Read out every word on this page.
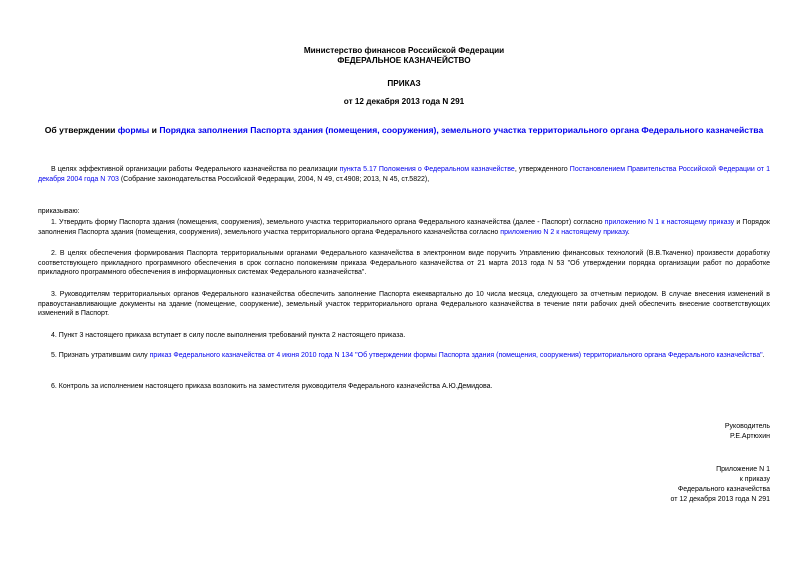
Министерство финансов Российской Федерации
ФЕДЕРАЛЬНОЕ КАЗНАЧЕЙСТВО
ПРИКАЗ
от 12 декабря 2013 года N 291
Об утверждении формы и Порядка заполнения Паспорта здания (помещения, сооружения), земельного участка территориального органа Федерального казначейства

В целях эффективной организации работы Федерального казначейства по реализации пункта 5.17 Положения о Федеральном казначействе, утвержденного Постановлением Правительства Российской Федерации от 1 декабря 2004 года N 703 (Собрание законодательства Российской Федерации, 2004, N 49, ст.4908; 2013, N 45, ст.5822),

приказываю:

1. Утвердить форму Паспорта здания (помещения, сооружения), земельного участка территориального органа Федерального казначейства (далее - Паспорт) согласно приложению N 1 к настоящему приказу и Порядок заполнения Паспорта здания (помещения, сооружения), земельного участка территориального органа Федерального казначейства согласно приложению N 2 к настоящему приказу.

2. В целях обеспечения формирования Паспорта территориальными органами Федерального казначейства в электронном виде поручить Управлению финансовых технологий (В.В.Ткаченко) произвести доработку соответствующего прикладного программного обеспечения в срок согласно положениям приказа Федерального казначейства от 21 марта 2013 года N 53 "Об утверждении порядка организации работ по доработке прикладного программного обеспечения в информационных системах Федерального казначейства".

3. Руководителям территориальных органов Федерального казначейства обеспечить заполнение Паспорта ежеквартально до 10 числа месяца, следующего за отчетным периодом. В случае внесения изменений в правоустанавливающие документы на здание (помещение, сооружение), земельный участок территориального органа Федерального казначейства в течение пяти рабочих дней обеспечить внесение соответствующих изменений в Паспорт.

4. Пункт 3 настоящего приказа вступает в силу после выполнения требований пункта 2 настоящего приказа.

5. Признать утратившим силу приказ Федерального казначейства от 4 июня 2010 года N 134 "Об утверждении формы Паспорта здания (помещения, сооружения) территориального органа Федерального казначейства".

6. Контроль за исполнением настоящего приказа возложить на заместителя руководителя Федерального казначейства А.Ю.Демидова.

Руководитель
Р.Е.Артюхин
Приложение N 1
к приказу
Федерального казначейства
от 12 декабря 2013 года N 291
